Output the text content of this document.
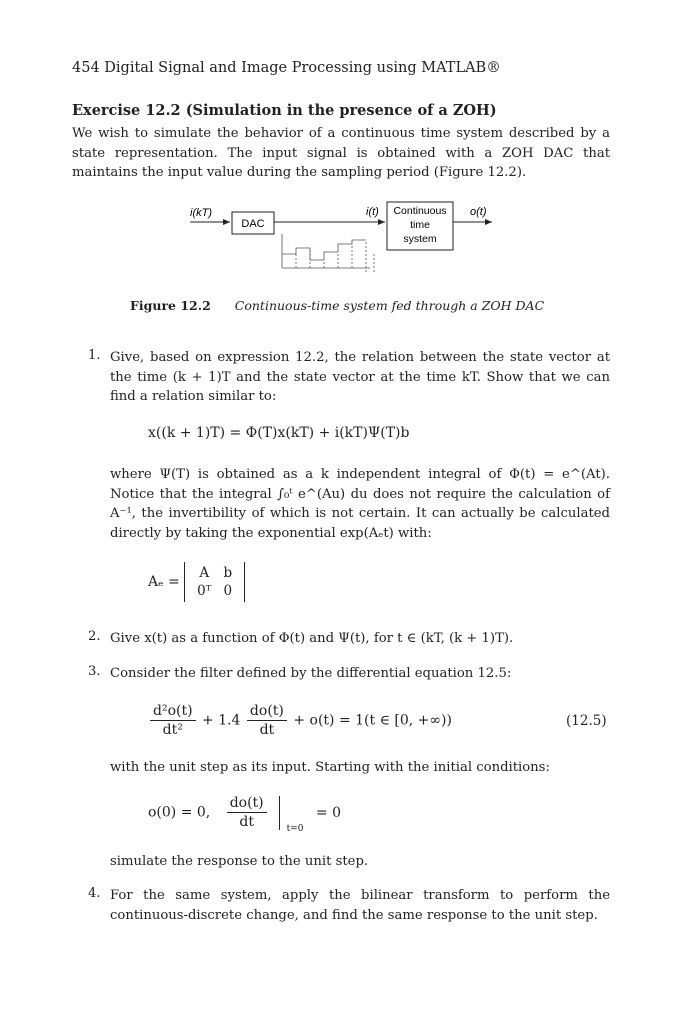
454 Digital Signal and Image Processing using MATLAB®
Exercise 12.2 (Simulation in the presence of a ZOH)
We wish to simulate the behavior of a continuous time system described by a state representation. The input signal is obtained with a ZOH DAC that maintains the input value during the sampling period (Figure 12.2).
i(kT)
DAC
i(t) Continuous
time
system
o(t)
Figure 12.2 Continuous-time system fed through a ZOH DAC
1. Give, based on expression 12.2, the relation between the state vector at the time (k + 1)T and the state vector at the time kT. Show that we can find a relation similar to:
x((k + 1)T) = Φ(T)x(kT) + i(kT)Ψ(T)b
where Ψ(T) is obtained as a k independent integral of Φ(t) = e^(At). Notice that the integral ∫₀ᵗ e^(Au) du does not require the calculation of A⁻¹, the invertibility of which is not certain. It can actually be calculated directly by taking the exponential exp(Aₑt) with:
Aₑ =
A	b
0ᵀ	0
2. Give x(t) as a function of Φ(t) and Ψ(t), for t ∈ (kT, (k + 1)T).
3. Consider the filter defined by the differential equation 12.5:
$\frac{\text{d²o(t)}}{\text{dt²}} + 1.4 \frac{do(t)}{dt} + o(t) = 1(t$ ∈ [0, +∞))	(12.5)
with the unit step as its input. Starting with the initial conditions:
o(0) = 0, $\frac{do(t)}{dt} _{t=0} = 0$
simulate the response to the unit step.
4. For the same system, apply the bilinear transform to perform the continuous-discrete change, and find the same response to the unit step.
